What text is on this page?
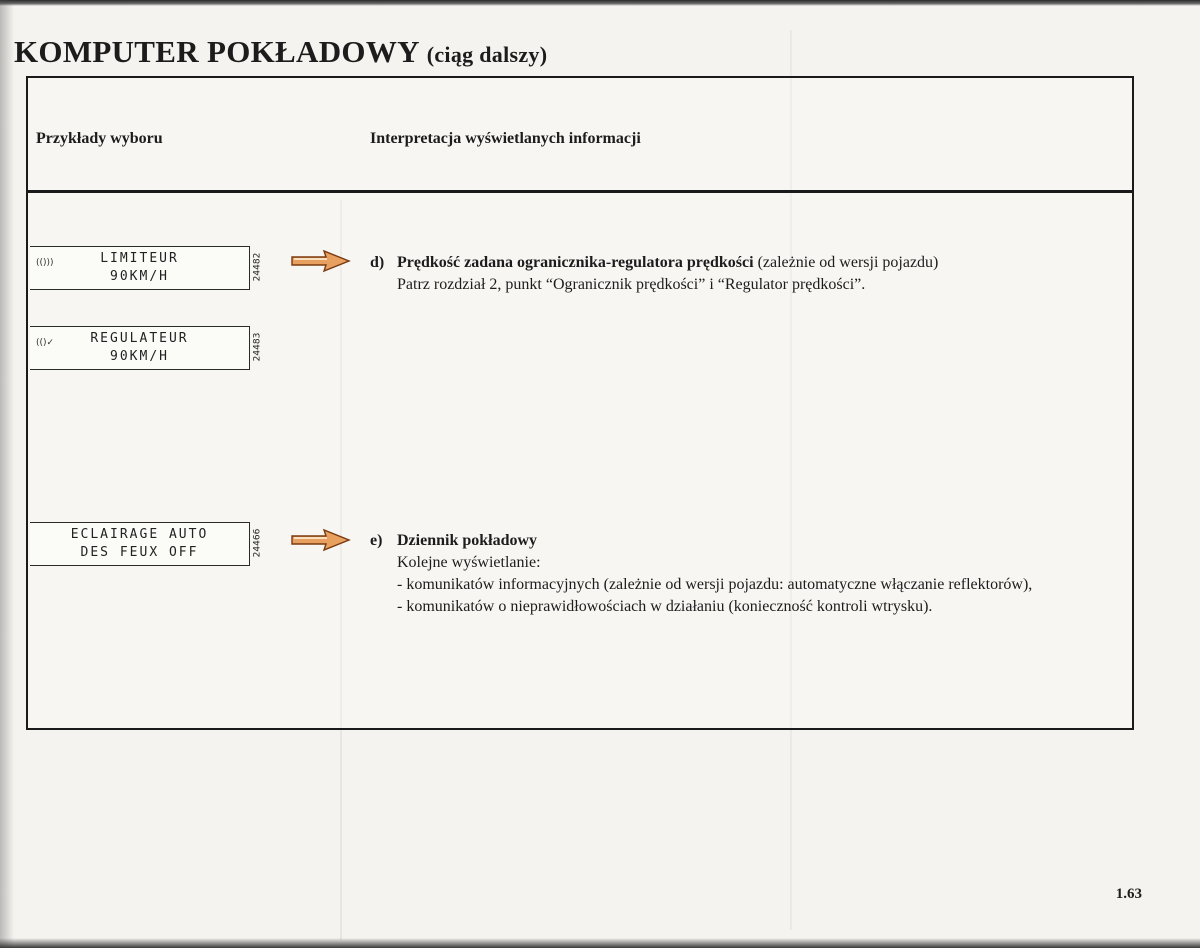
KOMPUTER POKŁADOWY (ciąg dalszy)
Przykłady wyboru	Interpretacja wyświetlanych informacji
(()))	LIMITEUR
90KM/H	24482
(()✓	REGULATEUR
90KM/H	24483
ECLAIRAGE AUTO
DES FEUX OFF	24466
d) Prędkość zadana ogranicznika-regulatora prędkości (zależnie od wersji pojazdu)
Patrz rozdział 2, punkt “Ogranicznik prędkości” i “Regulator prędkości”.
e) Dziennik pokładowy
Kolejne wyświetlanie:
- komunikatów informacyjnych (zależnie od wersji pojazdu: automatyczne włączanie reflektorów),
- komunikatów o nieprawidłowościach w działaniu (konieczność kontroli wtrysku).
1.63
